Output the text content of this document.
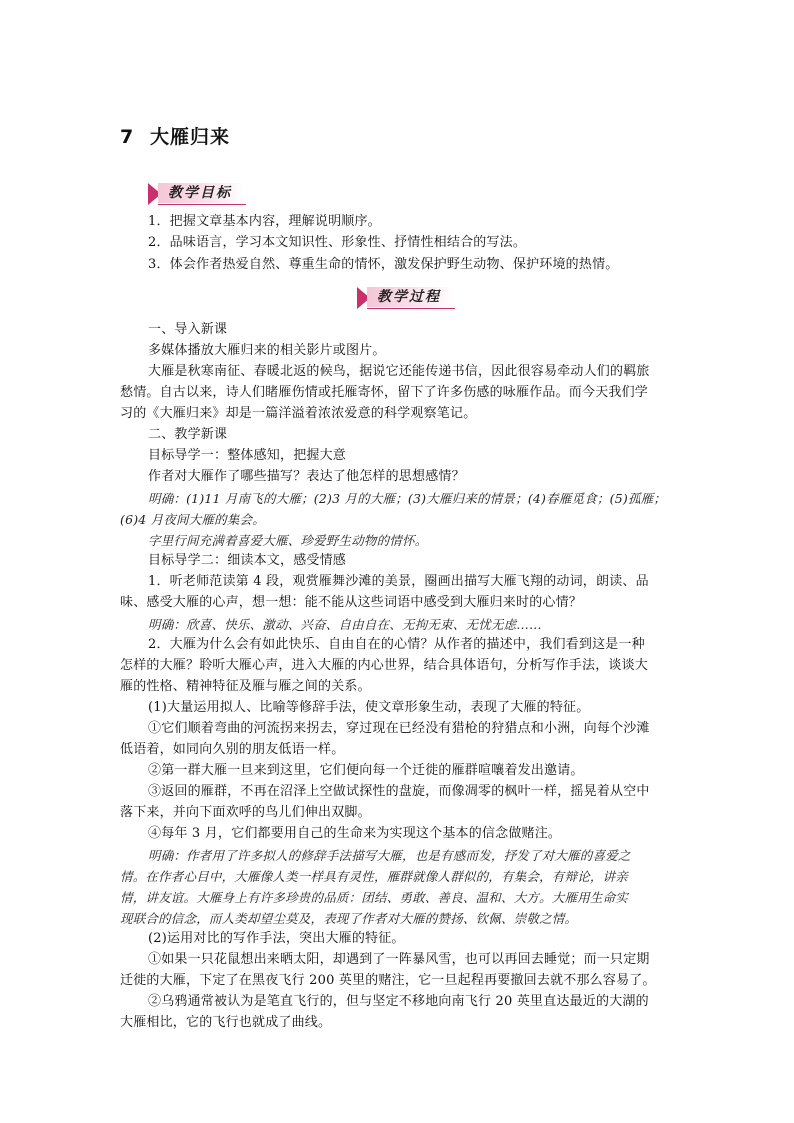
7 大雁归来
教学目标
1．把握文章基本内容，理解说明顺序。
2．品味语言，学习本文知识性、形象性、抒情性相结合的写法。
3．体会作者热爱自然、尊重生命的情怀，激发保护野生动物、保护环境的热情。
教学过程
一、导入新课
多媒体播放大雁归来的相关影片或图片。
大雁是秋寒南征、春暖北返的候鸟，据说它还能传递书信，因此很容易牵动人们的羁旅
愁情。自古以来，诗人们睹雁伤情或托雁寄怀，留下了许多伤感的咏雁作品。而今天我们学
习的《大雁归来》却是一篇洋溢着浓浓爱意的科学观察笔记。
二、教学新课
目标导学一：整体感知，把握大意
作者对大雁作了哪些描写？表达了他怎样的思想感情？
明确：(1)11 月南飞的大雁；(2)3 月的大雁；(3)大雁归来的情景；(4)春雁觅食；(5)孤雁；
(6)4 月夜间大雁的集会。
字里行间充满着喜爱大雁、珍爱野生动物的情怀。
目标导学二：细读本文，感受情感
1．听老师范读第 4 段，观赏雁舞沙滩的美景，圈画出描写大雁飞翔的动词，朗读、品
味、感受大雁的心声，想一想：能不能从这些词语中感受到大雁归来时的心情？
明确：欣喜、快乐、激动、兴奋、自由自在、无拘无束、无忧无虑……
2．大雁为什么会有如此快乐、自由自在的心情？从作者的描述中，我们看到这是一种
怎样的大雁？聆听大雁心声，进入大雁的内心世界，结合具体语句，分析写作手法，谈谈大
雁的性格、精神特征及雁与雁之间的关系。
(1)大量运用拟人、比喻等修辞手法，使文章形象生动，表现了大雁的特征。
①它们顺着弯曲的河流拐来拐去，穿过现在已经没有猎枪的狩猎点和小洲，向每个沙滩
低语着，如同向久别的朋友低语一样。
②第一群大雁一旦来到这里，它们便向每一个迁徙的雁群喧嚷着发出邀请。
③返回的雁群，不再在沼泽上空做试探性的盘旋，而像凋零的枫叶一样，摇晃着从空中
落下来，并向下面欢呼的鸟儿们伸出双脚。
④每年 3 月，它们都要用自己的生命来为实现这个基本的信念做赌注。
明确：作者用了许多拟人的修辞手法描写大雁，也是有感而发，抒发了对大雁的喜爱之
情。在作者心目中，大雁像人类一样具有灵性，雁群就像人群似的，有集会，有辩论，讲亲
情，讲友谊。大雁身上有许多珍贵的品质：团结、勇敢、善良、温和、大方。大雁用生命实
现联合的信念，而人类却望尘莫及，表现了作者对大雁的赞扬、钦佩、崇敬之情。
(2)运用对比的写作手法，突出大雁的特征。
①如果一只花鼠想出来晒太阳，却遇到了一阵暴风雪，也可以再回去睡觉；而一只定期
迁徙的大雁，下定了在黑夜飞行 200 英里的赌注，它一旦起程再要撤回去就不那么容易了。
②乌鸦通常被认为是笔直飞行的，但与坚定不移地向南飞行 20 英里直达最近的大湖的
大雁相比，它的飞行也就成了曲线。
